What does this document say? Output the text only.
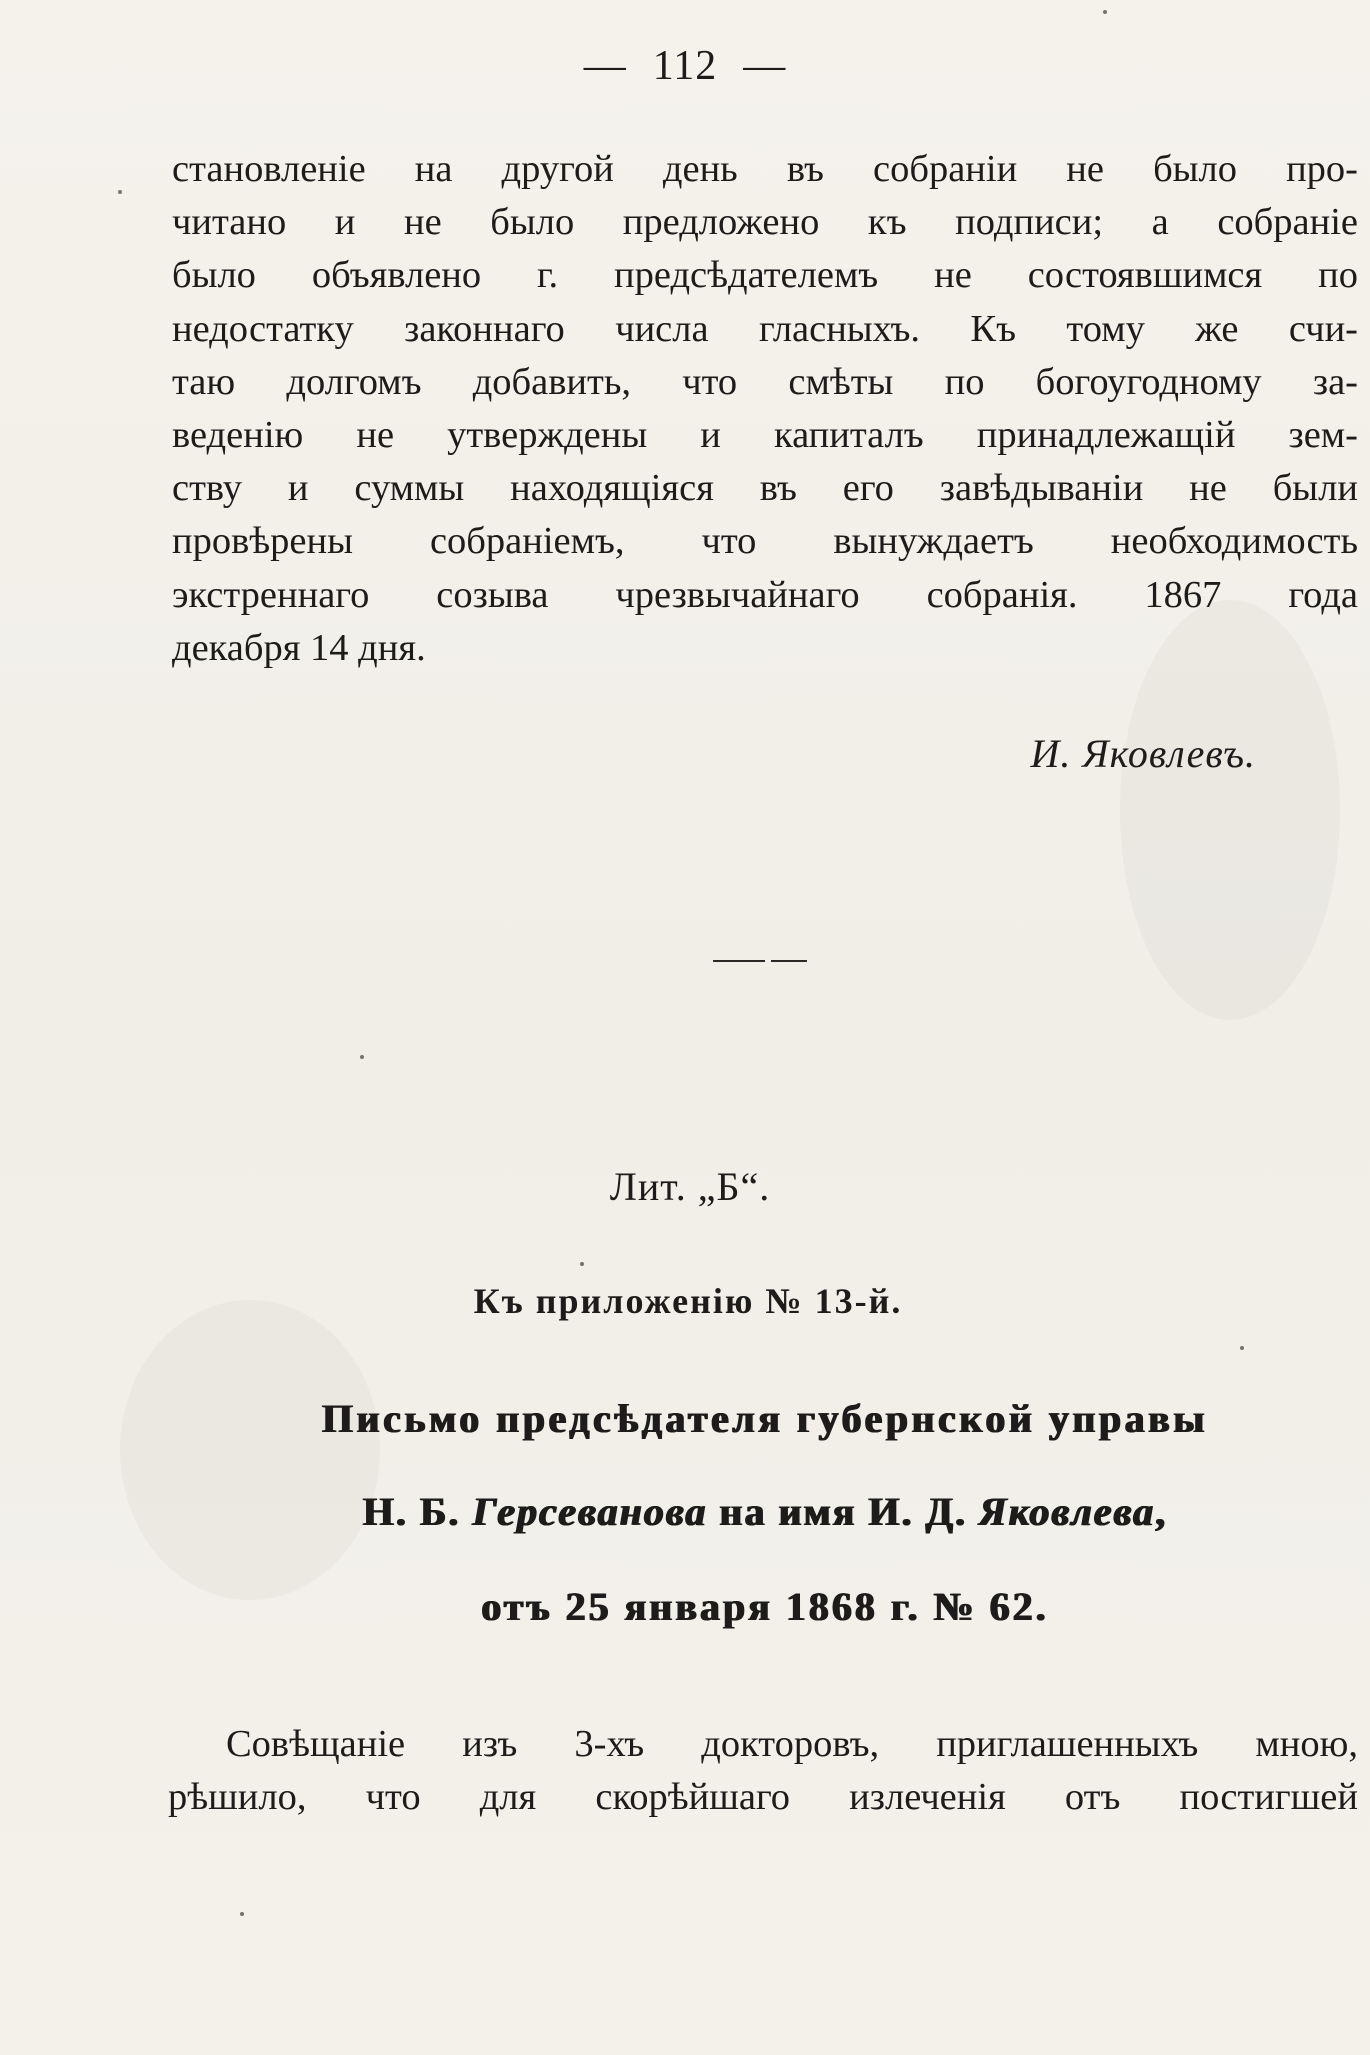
— 112 —
становленіе на другой день въ собраніи не было про-
читано и не было предложено къ подписи; а собраніе
было объявлено г. предсѣдателемъ не состоявшимся по
недостатку законнаго числа гласныхъ. Къ тому же счи-
таю долгомъ добавить, что смѣты по богоугодному за-
веденію не утверждены и капиталъ принадлежащій зем-
ству и суммы находящіяся въ его завѣдываніи не были
провѣрены собраніемъ, что вынуждаетъ необходимость
экстреннаго созыва чрезвычайнаго собранія. 1867 года
декабря 14 дня.
И. Яковлевъ.
Лит. „Б“.
Къ приложенію № 13-й.
Письмо предсѣдателя губернской управы
Н. Б. Герсеванова на имя И. Д. Яковлева,
отъ 25 января 1868 г. № 62.
Совѣщаніе изъ 3-хъ докторовъ, приглашенныхъ мною,
рѣшило, что для скорѣйшаго излеченія отъ постигшей
